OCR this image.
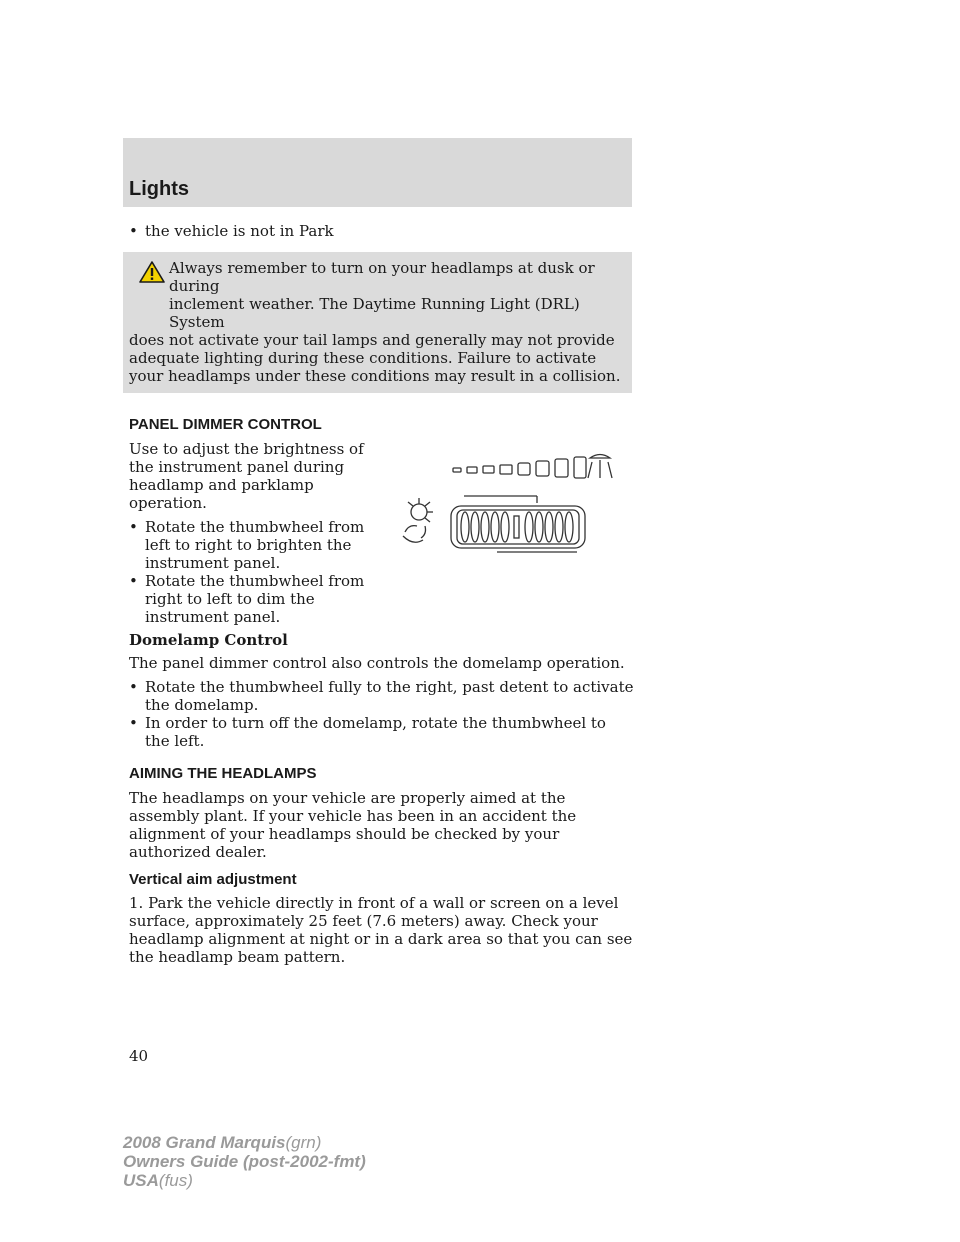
Lights

• the vehicle is not in Park

Always remember to turn on your headlamps at dusk or during

inclement weather. The Daytime Running Light (DRL) System

does not activate your tail lamps and generally may not provide adequate lighting during these conditions. Failure to activate your headlamps under these conditions may result in a collision.

PANEL DIMMER CONTROL

Use to adjust the brightness of the instrument panel during headlamp and parklamp operation.

• Rotate the thumbwheel from left to right to brighten the instrument panel.

• Rotate the thumbwheel from right to left to dim the instrument panel.

Domelamp Control

The panel dimmer control also controls the domelamp operation.

• Rotate the thumbwheel fully to the right, past detent to activate the domelamp.

• In order to turn off the domelamp, rotate the thumbwheel to the left.

AIMING THE HEADLAMPS

The headlamps on your vehicle are properly aimed at the assembly plant. If your vehicle has been in an accident the alignment of your headlamps should be checked by your authorized dealer.

Vertical aim adjustment

1. Park the vehicle directly in front of a wall or screen on a level surface, approximately 25 feet (7.6 meters) away. Check your headlamp alignment at night or in a dark area so that you can see the headlamp beam pattern.

40
2008 Grand Marquis(grn)
Owners Guide (post-2002-fmt)
USA(fus)
